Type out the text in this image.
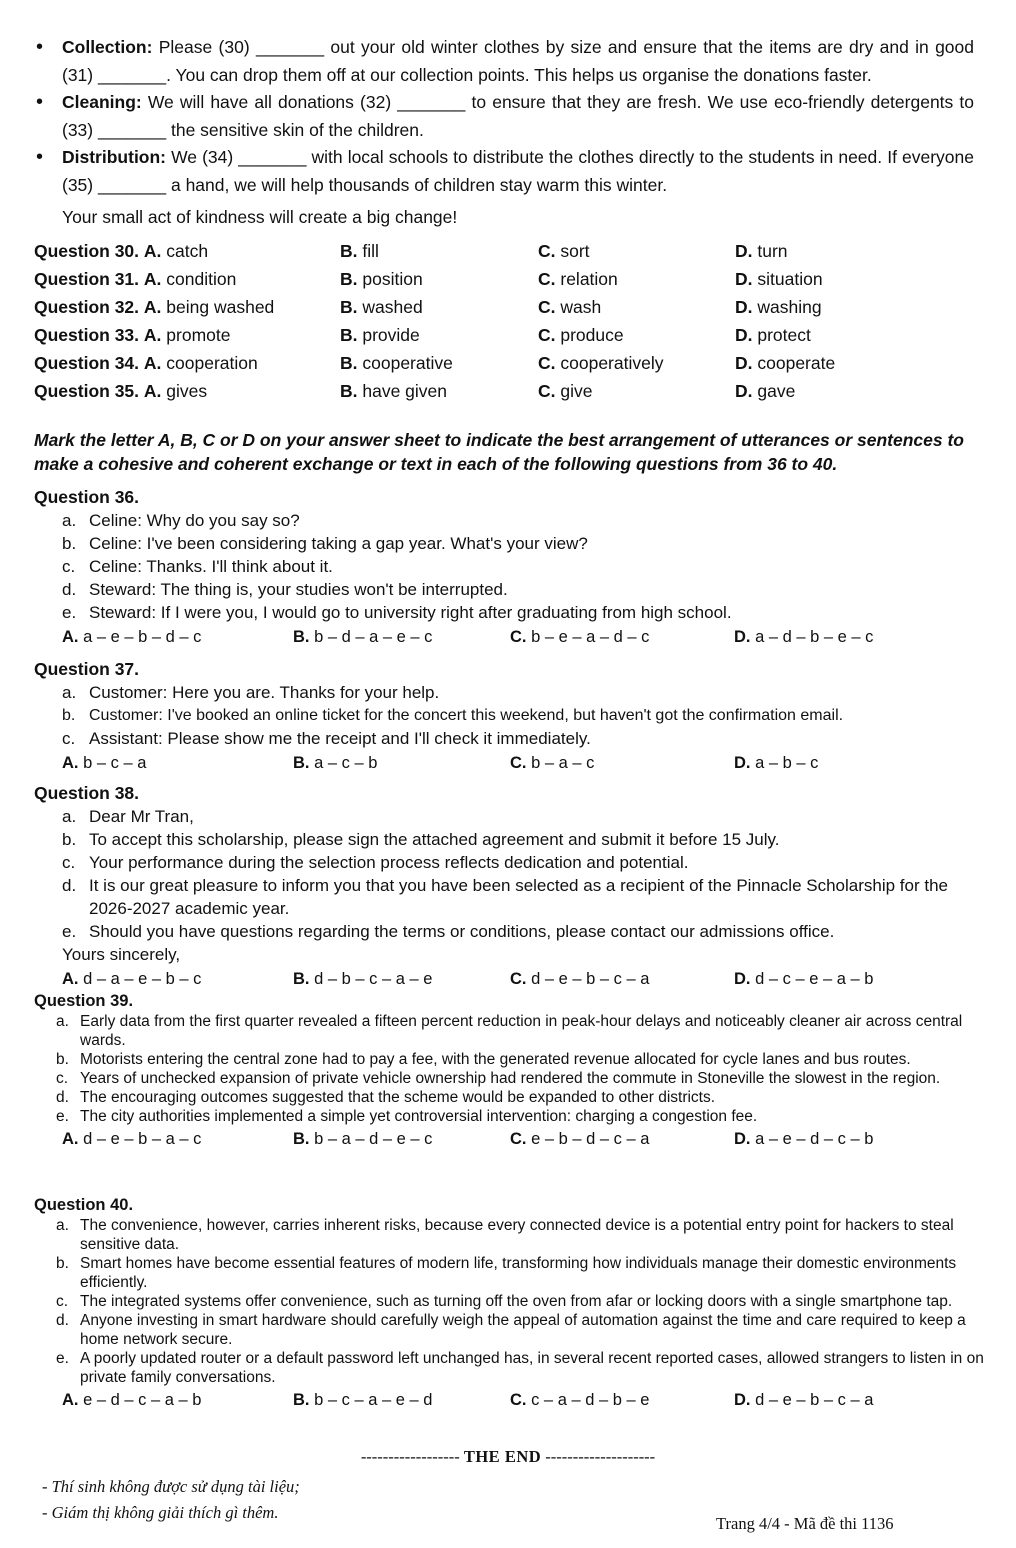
• Collection: Please (30) _______ out your old winter clothes by size and ensure that the items are dry and in good (31) _______. You can drop them off at our collection points. This helps us organise the donations faster.
• Cleaning: We will have all donations (32) _______ to ensure that they are fresh. We use eco-friendly detergents to (33) _______ the sensitive skin of the children.
• Distribution: We (34) _______ with local schools to distribute the clothes directly to the students in need. If everyone (35) _______ a hand, we will help thousands of children stay warm this winter.
Your small act of kindness will create a big change!
Question 30. A. catch	B. fill	C. sort	D. turn
Question 31. A. condition	B. position	C. relation	D. situation
Question 32. A. being washed	B. washed	C. wash	D. washing
Question 33. A. promote	B. provide	C. produce	D. protect
Question 34. A. cooperation	B. cooperative	C. cooperatively	D. cooperate
Question 35. A. gives	B. have given	C. give	D. gave
Mark the letter A, B, C or D on your answer sheet to indicate the best arrangement of utterances or sentences to make a cohesive and coherent exchange or text in each of the following questions from 36 to 40.
Question 36.
a. Celine: Why do you say so?
b. Celine: I've been considering taking a gap year. What's your view?
c. Celine: Thanks. I'll think about it.
d. Steward: The thing is, your studies won't be interrupted.
e. Steward: If I were you, I would go to university right after graduating from high school.
A. a – e – b – d – c	B. b – d – a – e – c	C. b – e – a – d – c	D. a – d – b – e – c
Question 37.
a. Customer: Here you are. Thanks for your help.
b. Customer: I've booked an online ticket for the concert this weekend, but haven't got the confirmation email.
c. Assistant: Please show me the receipt and I'll check it immediately.
A. b – c – a	B. a – c – b	C. b – a – c	D. a – b – c
Question 38.
a. Dear Mr Tran,
b. To accept this scholarship, please sign the attached agreement and submit it before 15 July.
c. Your performance during the selection process reflects dedication and potential.
d. It is our great pleasure to inform you that you have been selected as a recipient of the Pinnacle Scholarship for the 2026-2027 academic year.
e. Should you have questions regarding the terms or conditions, please contact our admissions office.
Yours sincerely,
A. d – a – e – b – c	B. d – b – c – a – e	C. d – e – b – c – a	D. d – c – e – a – b
Question 39.
a. Early data from the first quarter revealed a fifteen percent reduction in peak-hour delays and noticeably cleaner air across central wards.
b. Motorists entering the central zone had to pay a fee, with the generated revenue allocated for cycle lanes and bus routes.
c. Years of unchecked expansion of private vehicle ownership had rendered the commute in Stoneville the slowest in the region.
d. The encouraging outcomes suggested that the scheme would be expanded to other districts.
e. The city authorities implemented a simple yet controversial intervention: charging a congestion fee.
A. d – e – b – a – c	B. b – a – d – e – c	C. e – b – d – c – a	D. a – e – d – c – b
Question 40.
a. The convenience, however, carries inherent risks, because every connected device is a potential entry point for hackers to steal sensitive data.
b. Smart homes have become essential features of modern life, transforming how individuals manage their domestic environments efficiently.
c. The integrated systems offer convenience, such as turning off the oven from afar or locking doors with a single smartphone tap.
d. Anyone investing in smart hardware should carefully weigh the appeal of automation against the time and care required to keep a home network secure.
e. A poorly updated router or a default password left unchanged has, in several recent reported cases, allowed strangers to listen in on private family conversations.
A. e – d – c – a – b	B. b – c – a – e – d	C. c – a – d – b – e	D. d – e – b – c – a
------------------ THE END --------------------
- Thí sinh không được sử dụng tài liệu;
- Giám thị không giải thích gì thêm.
Trang 4/4 - Mã đề thi 1136
